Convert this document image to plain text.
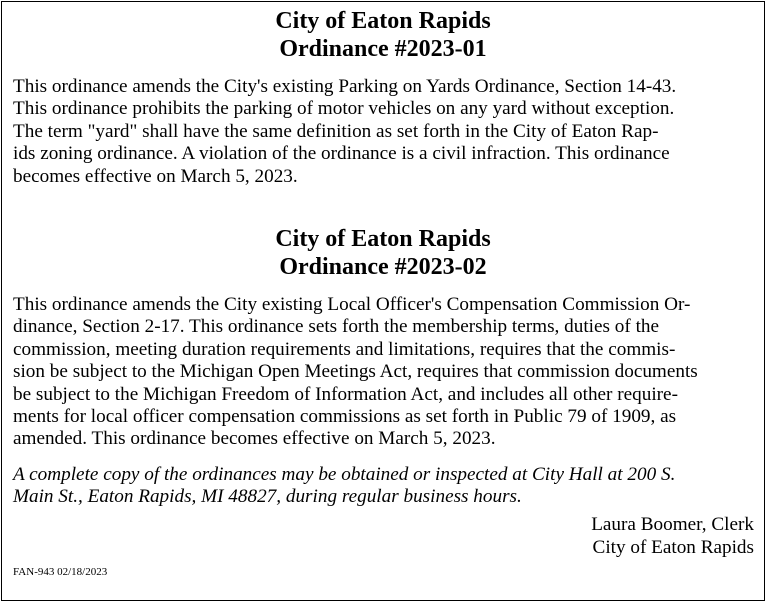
City of Eaton Rapids
Ordinance #2023-01
This ordinance amends the City's existing Parking on Yards Ordinance, Section 14-43.
This ordinance prohibits the parking of motor vehicles on any yard without exception.
The term "yard" shall have the same definition as set forth in the City of Eaton Rap-
ids zoning ordinance. A violation of the ordinance is a civil infraction. This ordinance
becomes effective on March 5, 2023.
City of Eaton Rapids
Ordinance #2023-02
This ordinance amends the City existing Local Officer's Compensation Commission Or-
dinance, Section 2-17. This ordinance sets forth the membership terms, duties of the
commission, meeting duration requirements and limitations, requires that the commis-
sion be subject to the Michigan Open Meetings Act, requires that commission documents
be subject to the Michigan Freedom of Information Act, and includes all other require-
ments for local officer compensation commissions as set forth in Public 79 of 1909, as
amended. This ordinance becomes effective on March 5, 2023.
A complete copy of the ordinances may be obtained or inspected at City Hall at 200 S.
Main St., Eaton Rapids, MI 48827, during regular business hours.
Laura Boomer, Clerk
City of Eaton Rapids
FAN-943 02/18/2023
